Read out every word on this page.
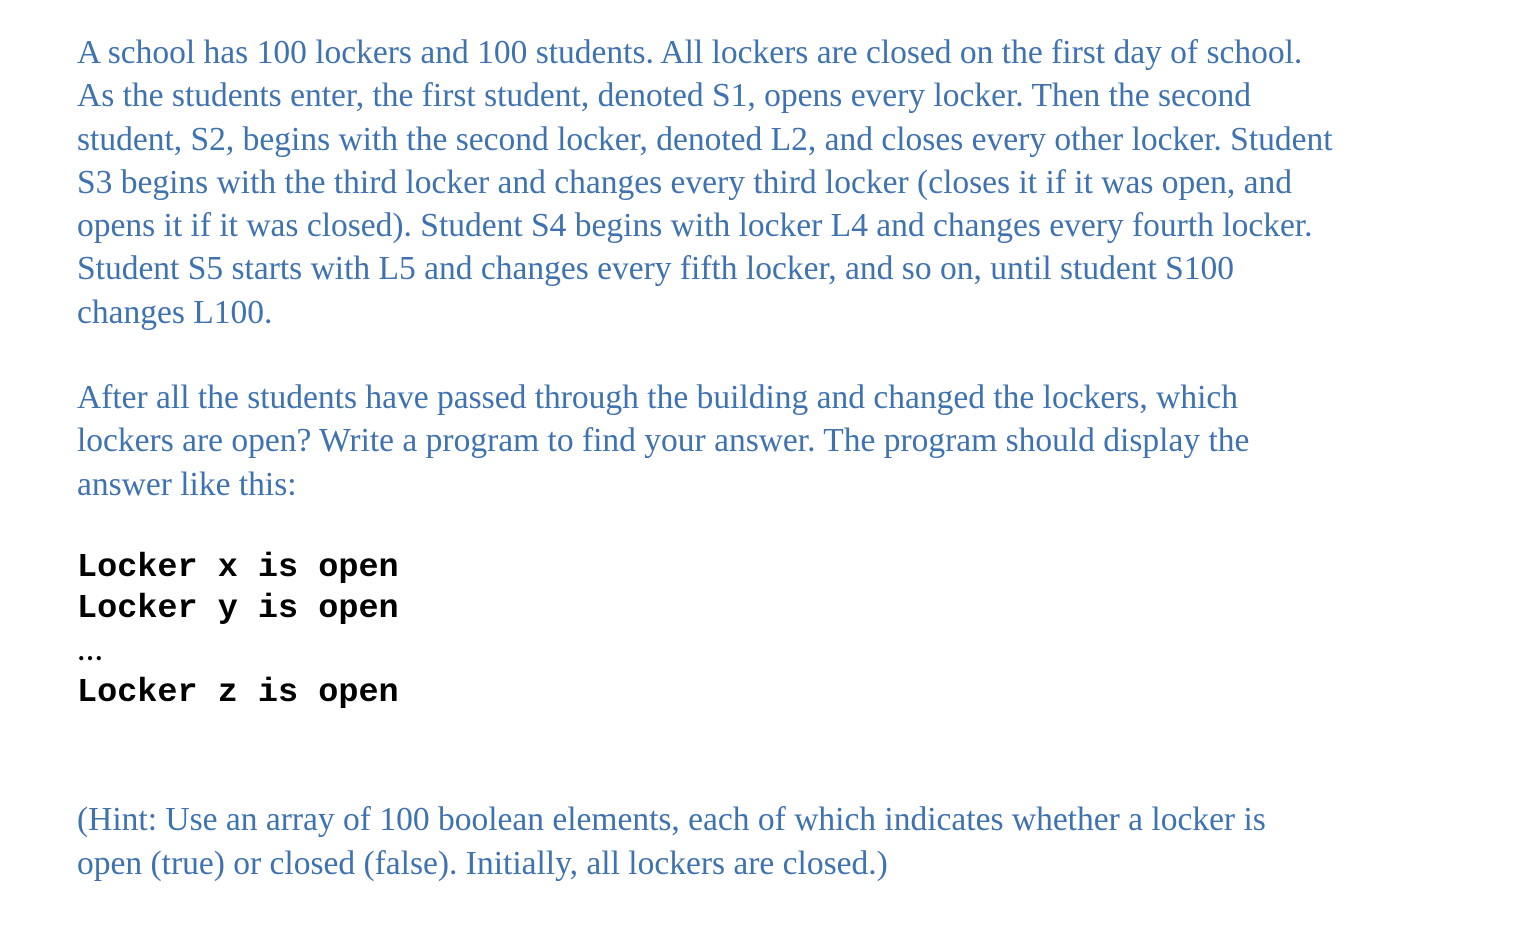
A school has 100 lockers and 100 students. All lockers are closed on the first day of school.
As the students enter, the first student, denoted S1, opens every locker. Then the second
student, S2, begins with the second locker, denoted L2, and closes every other locker. Student
S3 begins with the third locker and changes every third locker (closes it if it was open, and
opens it if it was closed). Student S4 begins with locker L4 and changes every fourth locker.
Student S5 starts with L5 and changes every fifth locker, and so on, until student S100
changes L100.

After all the students have passed through the building and changed the lockers, which
lockers are open? Write a program to find your answer. The program should display the
answer like this:

Locker x is open
Locker y is open
…
Locker z is open

(Hint: Use an array of 100 boolean elements, each of which indicates whether a locker is
open (true) or closed (false). Initially, all lockers are closed.)
